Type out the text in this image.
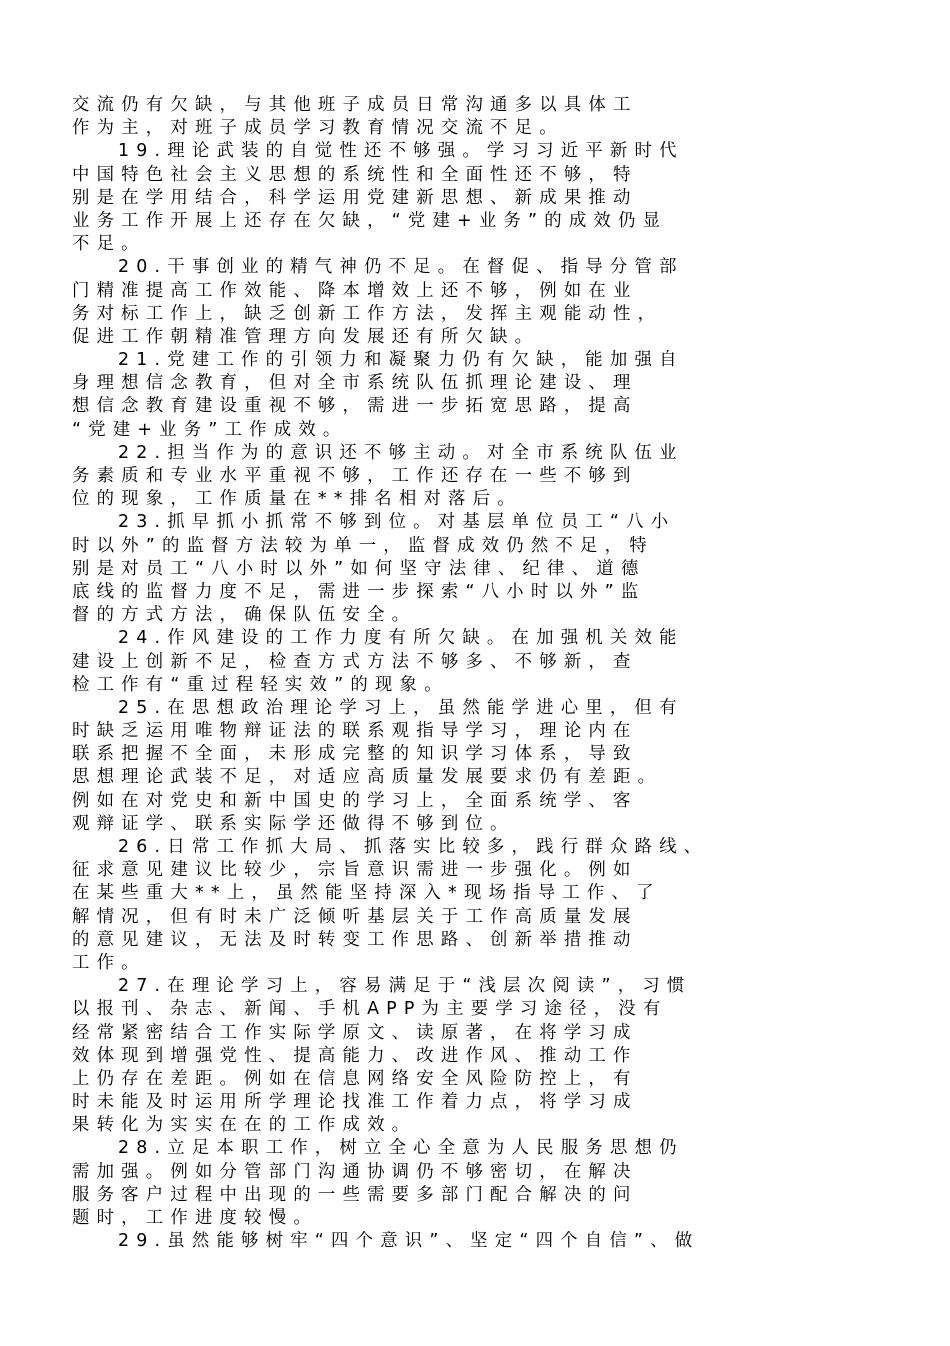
交流仍有欠缺，与其他班子成员日常沟通多以具体工
作为主，对班子成员学习教育情况交流不足。
19.理论武装的自觉性还不够强。学习习近平新时代
中国特色社会主义思想的系统性和全面性还不够，特
别是在学用结合，科学运用党建新思想、新成果推动
业务工作开展上还存在欠缺，“党建+业务”的成效仍显
不足。
20.干事创业的精气神仍不足。在督促、指导分管部
门精准提高工作效能、降本增效上还不够，例如在业
务对标工作上，缺乏创新工作方法，发挥主观能动性，
促进工作朝精准管理方向发展还有所欠缺。
21.党建工作的引领力和凝聚力仍有欠缺，能加强自
身理想信念教育，但对全市系统队伍抓理论建设、理
想信念教育建设重视不够，需进一步拓宽思路，提高
“党建+业务”工作成效。
22.担当作为的意识还不够主动。对全市系统队伍业
务素质和专业水平重视不够，工作还存在一些不够到
位的现象，工作质量在**排名相对落后。
23.抓早抓小抓常不够到位。对基层单位员工“八小
时以外”的监督方法较为单一，监督成效仍然不足，特
别是对员工“八小时以外”如何坚守法律、纪律、道德
底线的监督力度不足，需进一步探索“八小时以外”监
督的方式方法，确保队伍安全。
24.作风建设的工作力度有所欠缺。在加强机关效能
建设上创新不足，检查方式方法不够多、不够新，查
检工作有“重过程轻实效”的现象。
25.在思想政治理论学习上，虽然能学进心里，但有
时缺乏运用唯物辩证法的联系观指导学习，理论内在
联系把握不全面，未形成完整的知识学习体系，导致
思想理论武装不足，对适应高质量发展要求仍有差距。
例如在对党史和新中国史的学习上，全面系统学、客
观辩证学、联系实际学还做得不够到位。
26.日常工作抓大局、抓落实比较多，践行群众路线、
征求意见建议比较少，宗旨意识需进一步强化。例如
在某些重大**上，虽然能坚持深入*现场指导工作、了
解情况，但有时未广泛倾听基层关于工作高质量发展
的意见建议，无法及时转变工作思路、创新举措推动
工作。
27.在理论学习上，容易满足于“浅层次阅读”，习惯
以报刊、杂志、新闻、手机APP为主要学习途径，没有
经常紧密结合工作实际学原文、读原著，在将学习成
效体现到增强党性、提高能力、改进作风、推动工作
上仍存在差距。例如在信息网络安全风险防控上，有
时未能及时运用所学理论找准工作着力点，将学习成
果转化为实实在在的工作成效。
28.立足本职工作，树立全心全意为人民服务思想仍
需加强。例如分管部门沟通协调仍不够密切，在解决
服务客户过程中出现的一些需要多部门配合解决的问
题时，工作进度较慢。
29.虽然能够树牢“四个意识”、坚定“四个自信”、做
